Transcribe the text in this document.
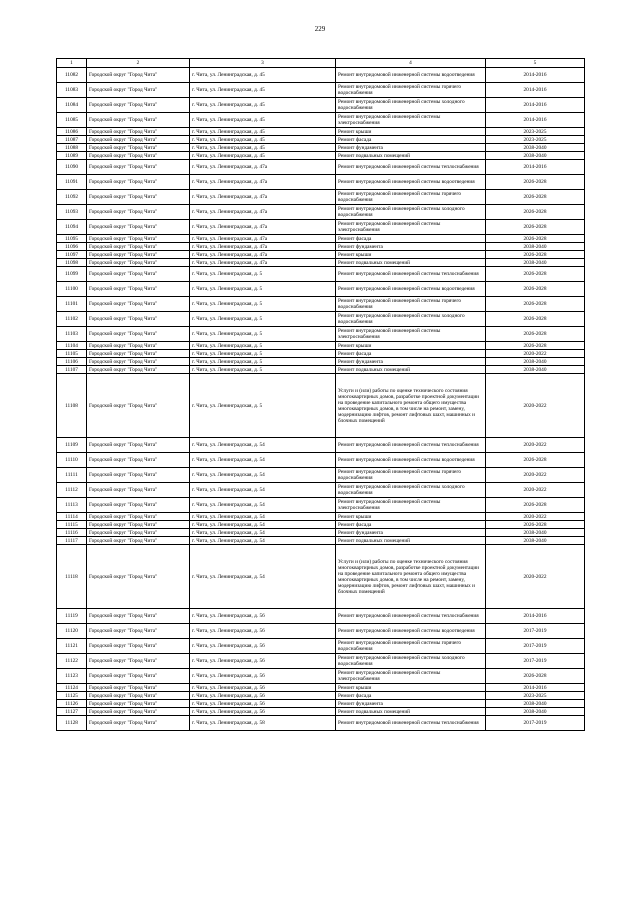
229
1	2	3	4	5
11082	Городской округ "Город Чита"	г. Чита, ул. Ленинградская, д. 45	Ремонт внутридомовой инженерной системы водоотведения	2014-2016
11083	Городской округ "Город Чита"	г. Чита, ул. Ленинградская, д. 45	Ремонт внутридомовой инженерной системы горячего водоснабжения	2014-2016
11084	Городской округ "Город Чита"	г. Чита, ул. Ленинградская, д. 45	Ремонт внутридомовой инженерной системы холодного водоснабжения	2014-2016
11085	Городской округ "Город Чита"	г. Чита, ул. Ленинградская, д. 45	Ремонт внутридомовой инженерной системы электроснабжения	2014-2016
11086	Городской округ "Город Чита"	г. Чита, ул. Ленинградская, д. 45	Ремонт крыши	2023-2025
11087	Городской округ "Город Чита"	г. Чита, ул. Ленинградская, д. 45	Ремонт фасада	2023-2025
11088	Городской округ "Город Чита"	г. Чита, ул. Ленинградская, д. 45	Ремонт фундамента	2038-2040
11089	Городской округ "Город Чита"	г. Чита, ул. Ленинградская, д. 45	Ремонт подвальных помещений	2038-2040
11090	Городской округ "Город Чита"	г. Чита, ул. Ленинградская, д. 47а	Ремонт внутридомовой инженерной системы теплоснабжения	2014-2016
11091	Городской округ "Город Чита"	г. Чита, ул. Ленинградская, д. 47а	Ремонт внутридомовой инженерной системы водоотведения	2026-2028
11092	Городской округ "Город Чита"	г. Чита, ул. Ленинградская, д. 47а	Ремонт внутридомовой инженерной системы горячего водоснабжения	2026-2028
11093	Городской округ "Город Чита"	г. Чита, ул. Ленинградская, д. 47а	Ремонт внутридомовой инженерной системы холодного водоснабжения	2026-2028
11094	Городской округ "Город Чита"	г. Чита, ул. Ленинградская, д. 47а	Ремонт внутридомовой инженерной системы электроснабжения	2026-2028
11095	Городской округ "Город Чита"	г. Чита, ул. Ленинградская, д. 47а	Ремонт фасада	2026-2028
11096	Городской округ "Город Чита"	г. Чита, ул. Ленинградская, д. 47а	Ремонт фундамента	2038-2040
11097	Городской округ "Город Чита"	г. Чита, ул. Ленинградская, д. 47а	Ремонт крыши	2026-2028
11098	Городской округ "Город Чита"	г. Чита, ул. Ленинградская, д. 47а	Ремонт подвальных помещений	2038-2040
11099	Городской округ "Город Чита"	г. Чита, ул. Ленинградская, д. 5	Ремонт внутридомовой инженерной системы теплоснабжения	2026-2028
11100	Городской округ "Город Чита"	г. Чита, ул. Ленинградская, д. 5	Ремонт внутридомовой инженерной системы водоотведения	2026-2028
11101	Городской округ "Город Чита"	г. Чита, ул. Ленинградская, д. 5	Ремонт внутридомовой инженерной системы горячего водоснабжения	2026-2028
11102	Городской округ "Город Чита"	г. Чита, ул. Ленинградская, д. 5	Ремонт внутридомовой инженерной системы холодного водоснабжения	2026-2028
11103	Городской округ "Город Чита"	г. Чита, ул. Ленинградская, д. 5	Ремонт внутридомовой инженерной системы электроснабжения	2026-2028
11104	Городской округ "Город Чита"	г. Чита, ул. Ленинградская, д. 5	Ремонт крыши	2026-2028
11105	Городской округ "Город Чита"	г. Чита, ул. Ленинградская, д. 5	Ремонт фасада	2020-2022
11106	Городской округ "Город Чита"	г. Чита, ул. Ленинградская, д. 5	Ремонт фундамента	2038-2040
11107	Городской округ "Город Чита"	г. Чита, ул. Ленинградская, д. 5	Ремонт подвальных помещений	2038-2040
11108	Городской округ "Город Чита"	г. Чита, ул. Ленинградская, д. 5	Услуги и (или) работы по оценке технического состояния многоквартирных домов, разработке проектной документации на проведение капитального ремонта общего имущества многоквартирных домов, в том числе на ремонт, замену, модернизацию лифтов, ремонт лифтовых шахт, машинных и блочных помещений	2020-2022
11109	Городской округ "Город Чита"	г. Чита, ул. Ленинградская, д. 54	Ремонт внутридомовой инженерной системы теплоснабжения	2020-2022
11110	Городской округ "Город Чита"	г. Чита, ул. Ленинградская, д. 54	Ремонт внутридомовой инженерной системы водоотведения	2026-2028
11111	Городской округ "Город Чита"	г. Чита, ул. Ленинградская, д. 54	Ремонт внутридомовой инженерной системы горячего водоснабжения	2020-2022
11112	Городской округ "Город Чита"	г. Чита, ул. Ленинградская, д. 54	Ремонт внутридомовой инженерной системы холодного водоснабжения	2020-2022
11113	Городской округ "Город Чита"	г. Чита, ул. Ленинградская, д. 54	Ремонт внутридомовой инженерной системы электроснабжения	2026-2028
11114	Городской округ "Город Чита"	г. Чита, ул. Ленинградская, д. 54	Ремонт крыши	2020-2022
11115	Городской округ "Город Чита"	г. Чита, ул. Ленинградская, д. 54	Ремонт фасада	2026-2028
11116	Городской округ "Город Чита"	г. Чита, ул. Ленинградская, д. 54	Ремонт фундамента	2038-2040
11117	Городской округ "Город Чита"	г. Чита, ул. Ленинградская, д. 54	Ремонт подвальных помещений	2038-2040
11118	Городской округ "Город Чита"	г. Чита, ул. Ленинградская, д. 54	Услуги и (или) работы по оценке технического состояния многоквартирных домов, разработке проектной документации на проведение капитального ремонта общего имущества многоквартирных домов, в том числе на ремонт, замену, модернизацию лифтов, ремонт лифтовых шахт, машинных и блочных помещений	2020-2022
11119	Городской округ "Город Чита"	г. Чита, ул. Ленинградская, д. 56	Ремонт внутридомовой инженерной системы теплоснабжения	2014-2016
11120	Городской округ "Город Чита"	г. Чита, ул. Ленинградская, д. 56	Ремонт внутридомовой инженерной системы водоотведения	2017-2019
11121	Городской округ "Город Чита"	г. Чита, ул. Ленинградская, д. 56	Ремонт внутридомовой инженерной системы горячего водоснабжения	2017-2019
11122	Городской округ "Город Чита"	г. Чита, ул. Ленинградская, д. 56	Ремонт внутридомовой инженерной системы холодного водоснабжения	2017-2019
11123	Городской округ "Город Чита"	г. Чита, ул. Ленинградская, д. 56	Ремонт внутридомовой инженерной системы электроснабжения	2026-2028
11124	Городской округ "Город Чита"	г. Чита, ул. Ленинградская, д. 56	Ремонт крыши	2014-2016
11125	Городской округ "Город Чита"	г. Чита, ул. Ленинградская, д. 56	Ремонт фасада	2023-2025
11126	Городской округ "Город Чита"	г. Чита, ул. Ленинградская, д. 56	Ремонт фундамента	2038-2040
11127	Городской округ "Город Чита"	г. Чита, ул. Ленинградская, д. 56	Ремонт подвальных помещений	2038-2040
11128	Городской округ "Город Чита"	г. Чита, ул. Ленинградская, д. 58	Ремонт внутридомовой инженерной системы теплоснабжения	2017-2019
